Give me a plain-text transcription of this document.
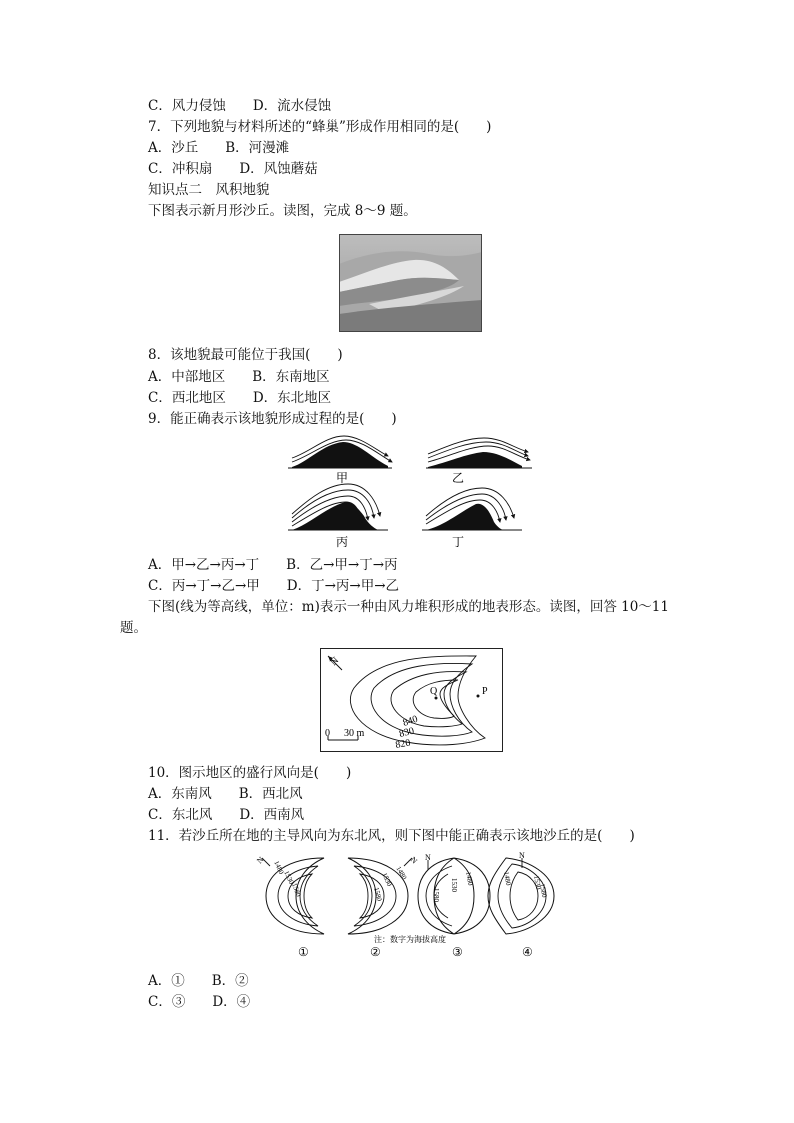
C．风力侵蚀　　D．流水侵蚀
7．下列地貌与材料所述的“蜂巢”形成作用相同的是(　　)
A．沙丘　　B．河漫滩
C．冲积扇　　D．风蚀蘑菇
知识点二　风积地貌
下图表示新月形沙丘。读图，完成 8～9 题。
8．该地貌最可能位于我国(　　)
A．中部地区　　B．东南地区
C．西北地区　　D．东北地区
9．能正确表示该地貌形成过程的是(　　)
甲	乙
丙	丁
A．甲→乙→丙→丁　　B．乙→甲→丁→丙
C．丙→丁→乙→甲　　D．丁→丙→甲→乙
下图(线为等高线，单位：m)表示一种由风力堆积形成的地表形态。读图，回答 10～11
题。
N
Q	P
840
830
820
0 30 m
10．图示地区的盛行风向是(　　)
A．东南风　　B．西北风
C．东北风　　D．西南风
11．若沙丘所在地的主导风向为东北风，则下图中能正确表示该地沙丘的是(　　)
N 1480
1530
1580
N
1480
1530
1580
N
1580
1530 1480
N
1480	1530
1580
注：数字为海拔高度
①	②	③	④
A．①　　B．②
C．③　　D．④
